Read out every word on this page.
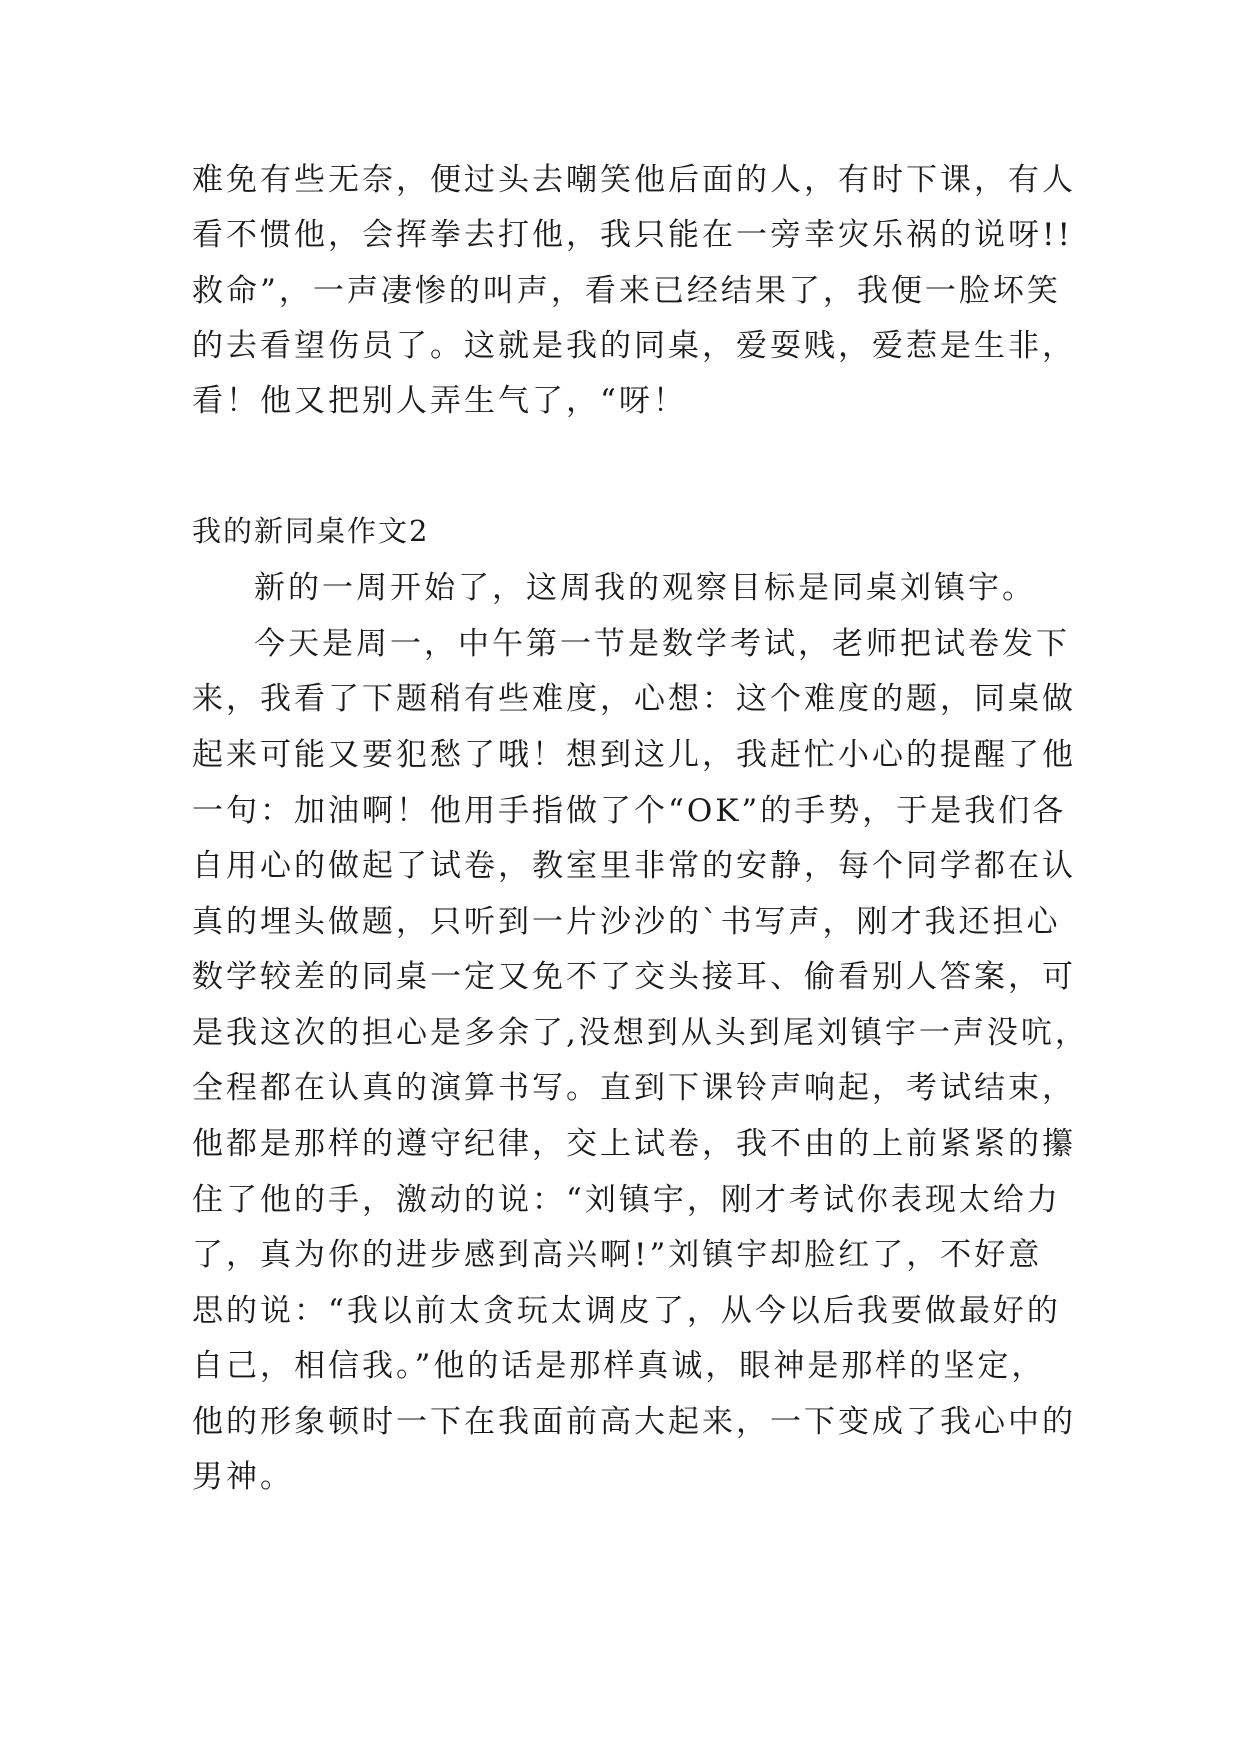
难免有些无奈，便过头去嘲笑他后面的人，有时下课，有人
看不惯他，会挥拳去打他，我只能在一旁幸灾乐祸的说呀!!
救命”，一声凄惨的叫声，看来已经结果了，我便一脸坏笑
的去看望伤员了。这就是我的同桌，爱耍贱，爱惹是生非，
看！他又把别人弄生气了，“呀！
我的新同桌作文2
新的一周开始了，这周我的观察目标是同桌刘镇宇。
今天是周一，中午第一节是数学考试，老师把试卷发下
来，我看了下题稍有些难度，心想：这个难度的题，同桌做
起来可能又要犯愁了哦！想到这儿，我赶忙小心的提醒了他
一句：加油啊！他用手指做了个“OK”的手势，于是我们各
自用心的做起了试卷，教室里非常的安静，每个同学都在认
真的埋头做题，只听到一片沙沙的`书写声，刚才我还担心
数学较差的同桌一定又免不了交头接耳、偷看别人答案，可
是我这次的担心是多余了,没想到从头到尾刘镇宇一声没吭，
全程都在认真的演算书写。直到下课铃声响起，考试结束，
他都是那样的遵守纪律，交上试卷，我不由的上前紧紧的攥
住了他的手，激动的说：“刘镇宇，刚才考试你表现太给力
了，真为你的进步感到高兴啊!”刘镇宇却脸红了，不好意
思的说：“我以前太贪玩太调皮了，从今以后我要做最好的
自己，相信我。”他的话是那样真诚，眼神是那样的坚定，
他的形象顿时一下在我面前高大起来，一下变成了我心中的
男神。
